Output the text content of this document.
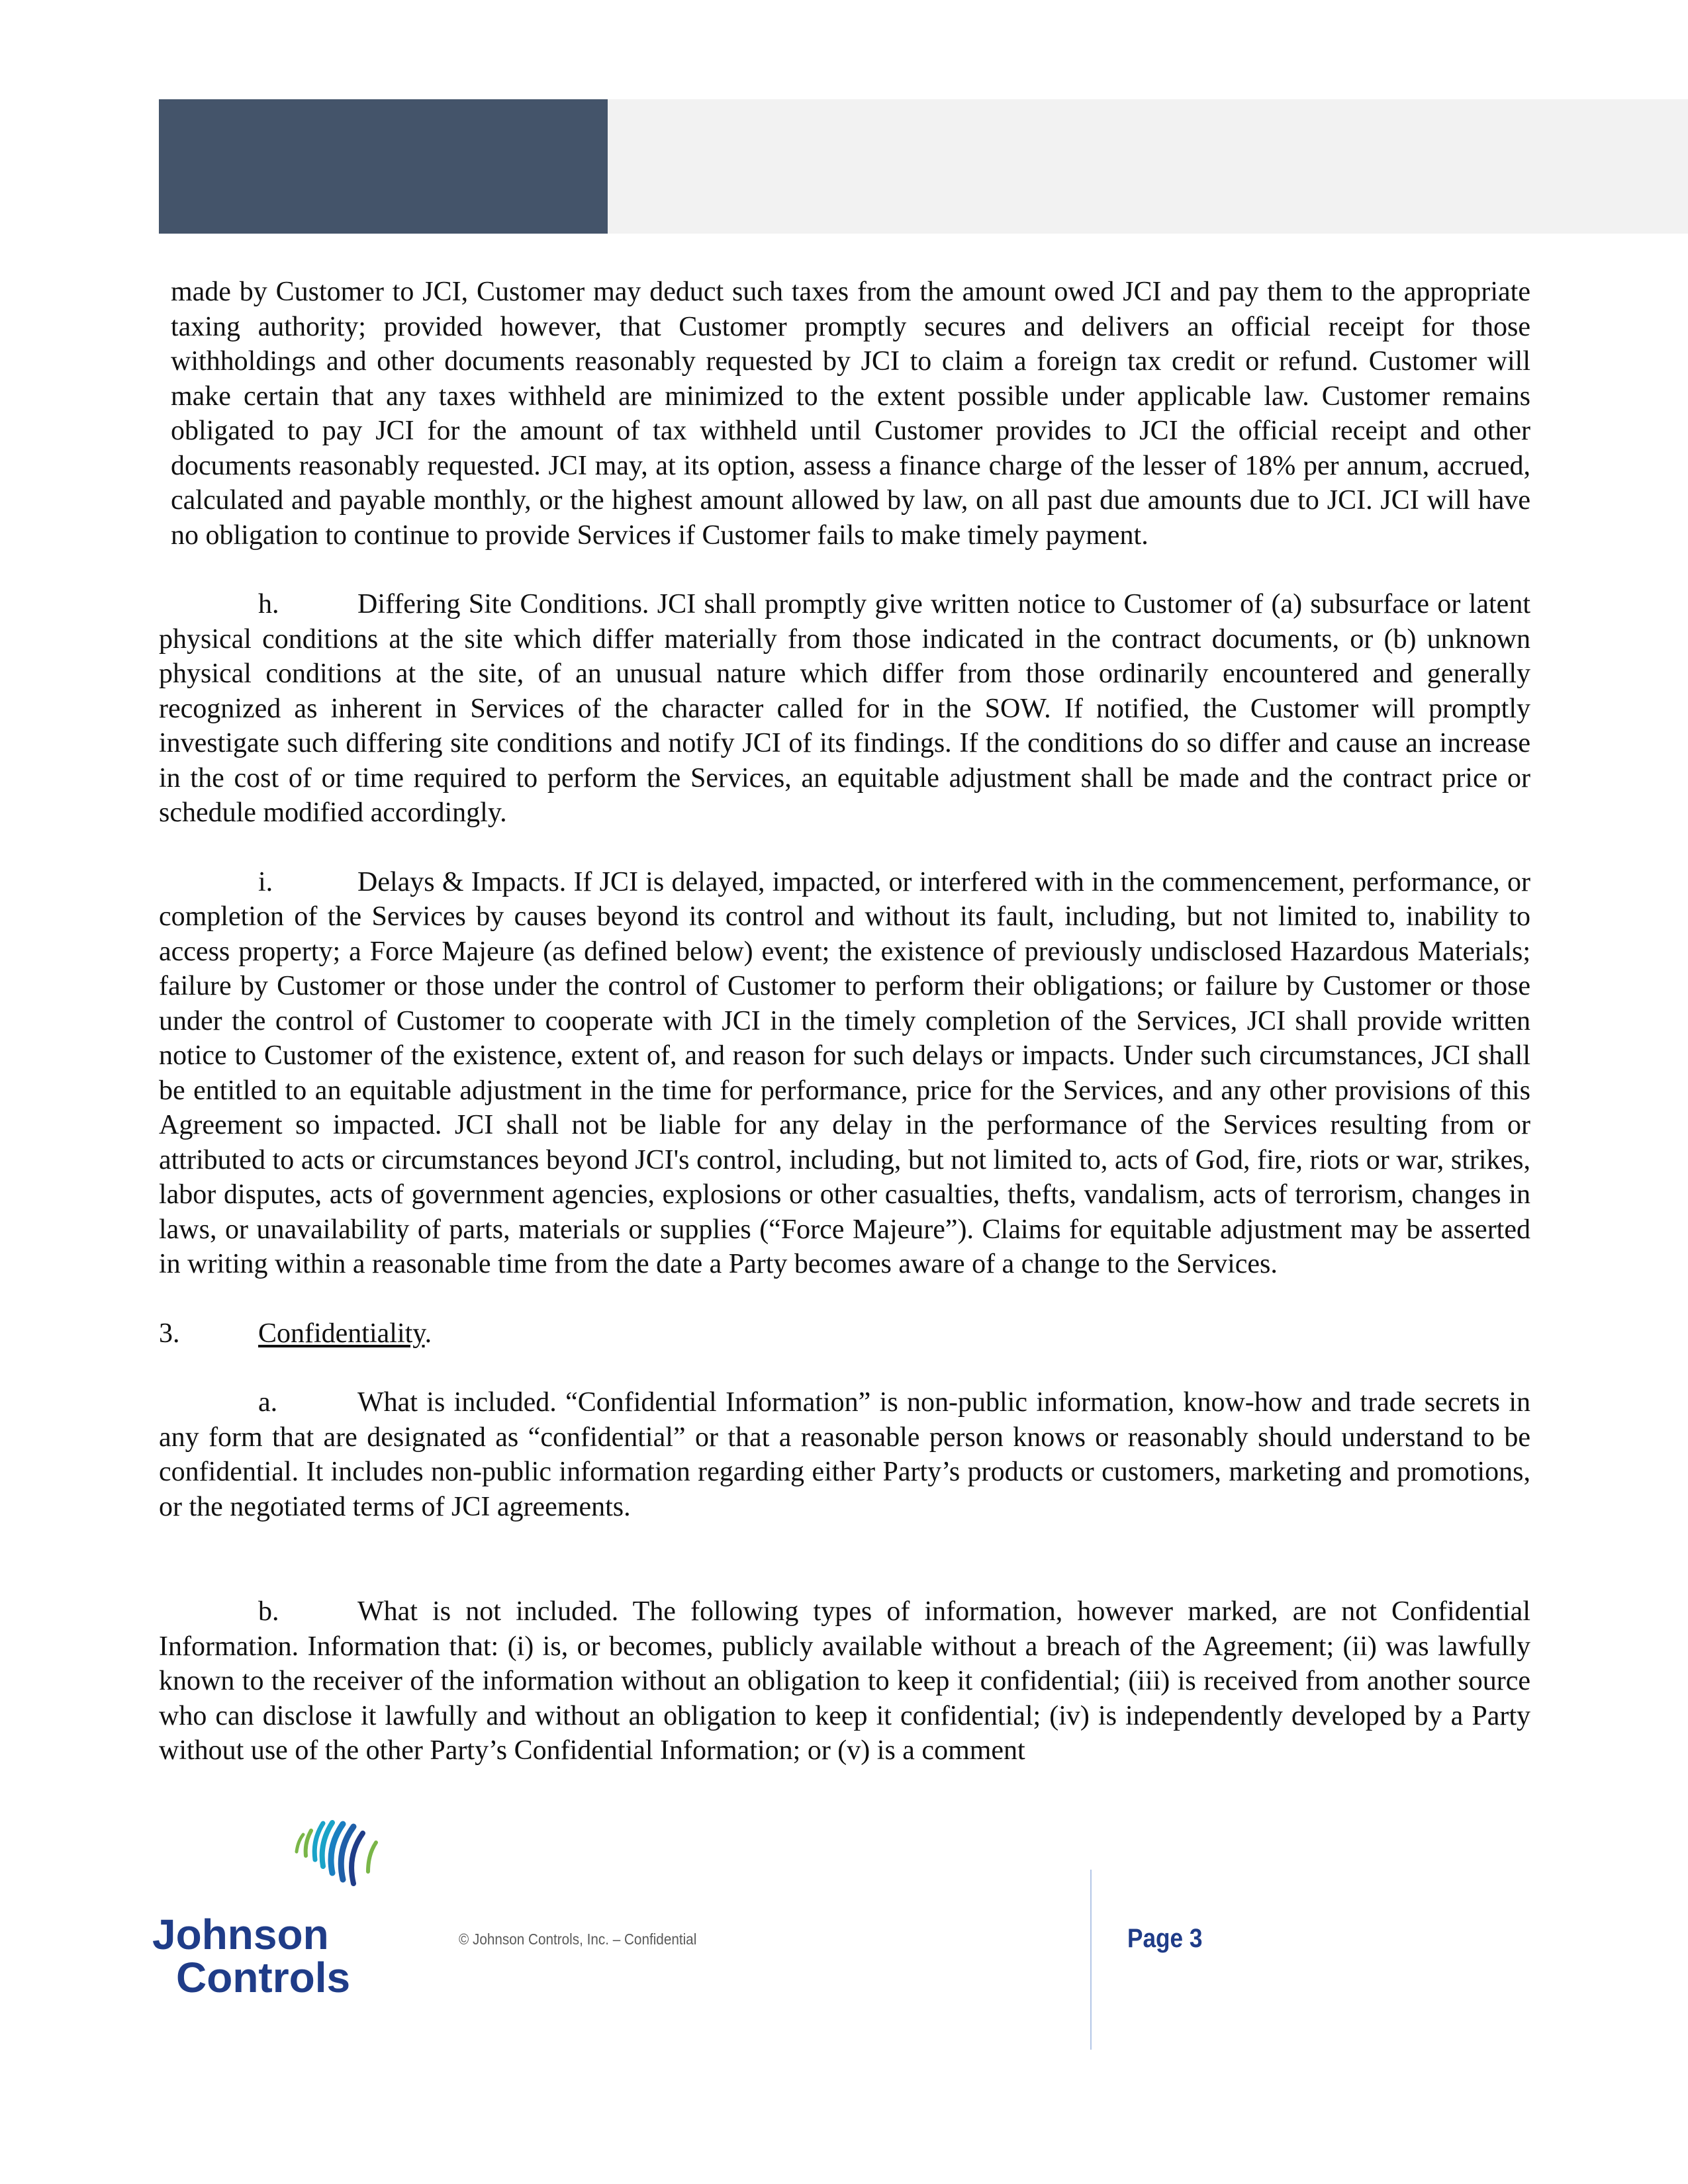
made by Customer to JCI, Customer may deduct such taxes from the amount owed JCI and pay them to the appropriate taxing authority; provided however, that Customer promptly secures and delivers an official receipt for those withholdings and other documents reasonably requested by JCI to claim a foreign tax credit or refund. Customer will make certain that any taxes withheld are minimized to the extent possible under applicable law. Customer remains obligated to pay JCI for the amount of tax withheld until Customer provides to JCI the official receipt and other documents reasonably requested. JCI may, at its option, assess a finance charge of the lesser of 18% per annum, accrued, calculated and payable monthly, or the highest amount allowed by law, on all past due amounts due to JCI. JCI will have no obligation to continue to provide Services if Customer fails to make timely payment.

h.	Differing Site Conditions. JCI shall promptly give written notice to Customer of (a) subsurface or latent physical conditions at the site which differ materially from those indicated in the contract documents, or (b) unknown physical conditions at the site, of an unusual nature which differ from those ordinarily encountered and generally recognized as inherent in Services of the character called for in the SOW. If notified, the Customer will promptly investigate such differing site conditions and notify JCI of its findings. If the conditions do so differ and cause an increase in the cost of or time required to perform the Services, an equitable adjustment shall be made and the contract price or schedule modified accordingly.

i.	Delays & Impacts. If JCI is delayed, impacted, or interfered with in the commencement, performance, or completion of the Services by causes beyond its control and without its fault, including, but not limited to, inability to access property; a Force Majeure (as defined below) event; the existence of previously undisclosed Hazardous Materials; failure by Customer or those under the control of Customer to perform their obligations; or failure by Customer or those under the control of Customer to cooperate with JCI in the timely completion of the Services, JCI shall provide written notice to Customer of the existence, extent of, and reason for such delays or impacts. Under such circumstances, JCI shall be entitled to an equitable adjustment in the time for performance, price for the Services, and any other provisions of this Agreement so impacted. JCI shall not be liable for any delay in the performance of the Services resulting from or attributed to acts or circumstances beyond JCI's control, including, but not limited to, acts of God, fire, riots or war, strikes, labor disputes, acts of government agencies, explosions or other casualties, thefts, vandalism, acts of terrorism, changes in laws, or unavailability of parts, materials or supplies (“Force Majeure”). Claims for equitable adjustment may be asserted in writing within a reasonable time from the date a Party becomes aware of a change to the Services.

3.	Confidentiality.

a.	What is included. “Confidential Information” is non-public information, know-how and trade secrets in any form that are designated as “confidential” or that a reasonable person knows or reasonably should understand to be confidential. It includes non-public information regarding either Party’s products or customers, marketing and promotions, or the negotiated terms of JCI agreements.

b.	What is not included. The following types of information, however marked, are not Confidential Information. Information that: (i) is, or becomes, publicly available without a breach of the Agreement; (ii) was lawfully known to the receiver of the information without an obligation to keep it confidential; (iii) is received from another source who can disclose it lawfully and without an obligation to keep it confidential; (iv) is independently developed by a Party without use of the other Party’s Confidential Information; or (v) is a comment

Johnson
Controls
© Johnson Controls, Inc. – Confidential	Page 3
